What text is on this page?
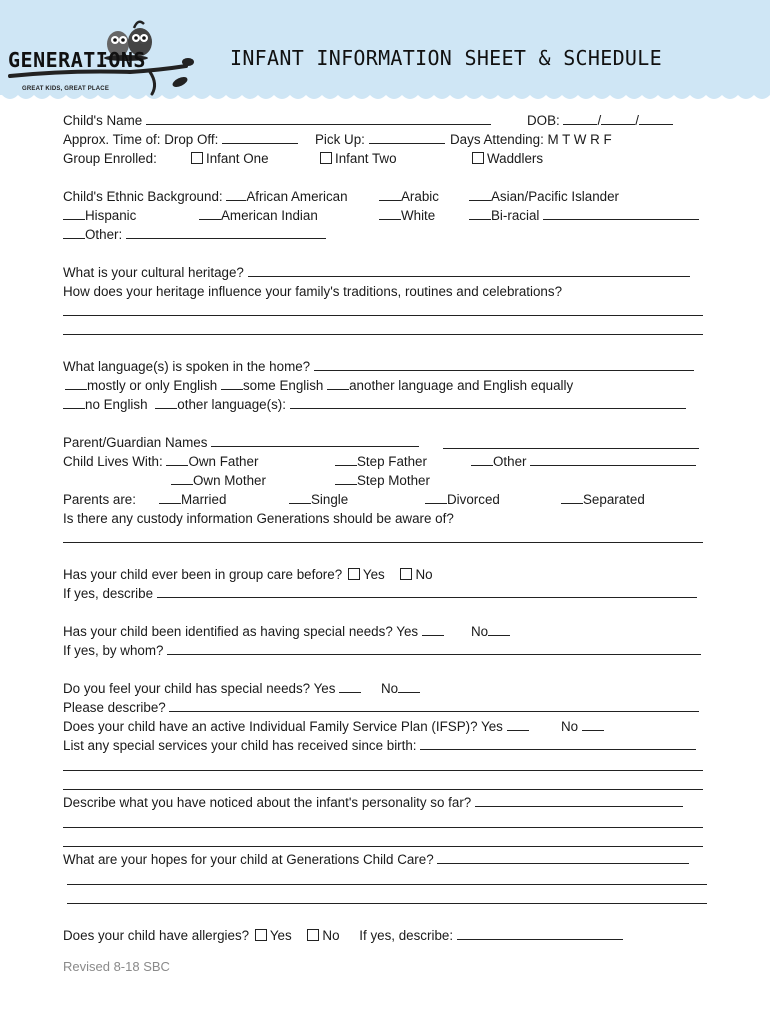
GENERATIONS
GREAT KIDS, GREAT PLACE
INFANT INFORMATION SHEET & SCHEDULE
Child's Name	DOB:	/	/
Approx. Time of: Drop Off:	Pick Up:	Days Attending: M T W R F
Group Enrolled:	Infant One	Infant Two	Waddlers
Child's Ethnic Background: African American	Arabic	Asian/Pacific Islander
Hispanic	American Indian	White	Bi-racial
Other:
What is your cultural heritage?
How does your heritage influence your family's traditions, routines and celebrations?
What language(s) is spoken in the home?
mostly or only English some English another language and English equally
no English other language(s):
Parent/Guardian Names
Child Lives With: Own Father	Step Father	Other
Own Mother	Step Mother
Parents are:	Married	Single	Divorced	Separated
Is there any custody information Generations should be aware of?
Has your child ever been in group care before? Yes No
If yes, describe
Has your child been identified as having special needs? Yes	No
If yes, by whom?
Do you feel your child has special needs? Yes	No
Please describe?
Does your child have an active Individual Family Service Plan (IFSP)? Yes	No
List any special services your child has received since birth:
Describe what you have noticed about the infant's personality so far?
What are your hopes for your child at Generations Child Care?
Does your child have allergies? Yes No If yes, describe:
Revised 8-18 SBC
